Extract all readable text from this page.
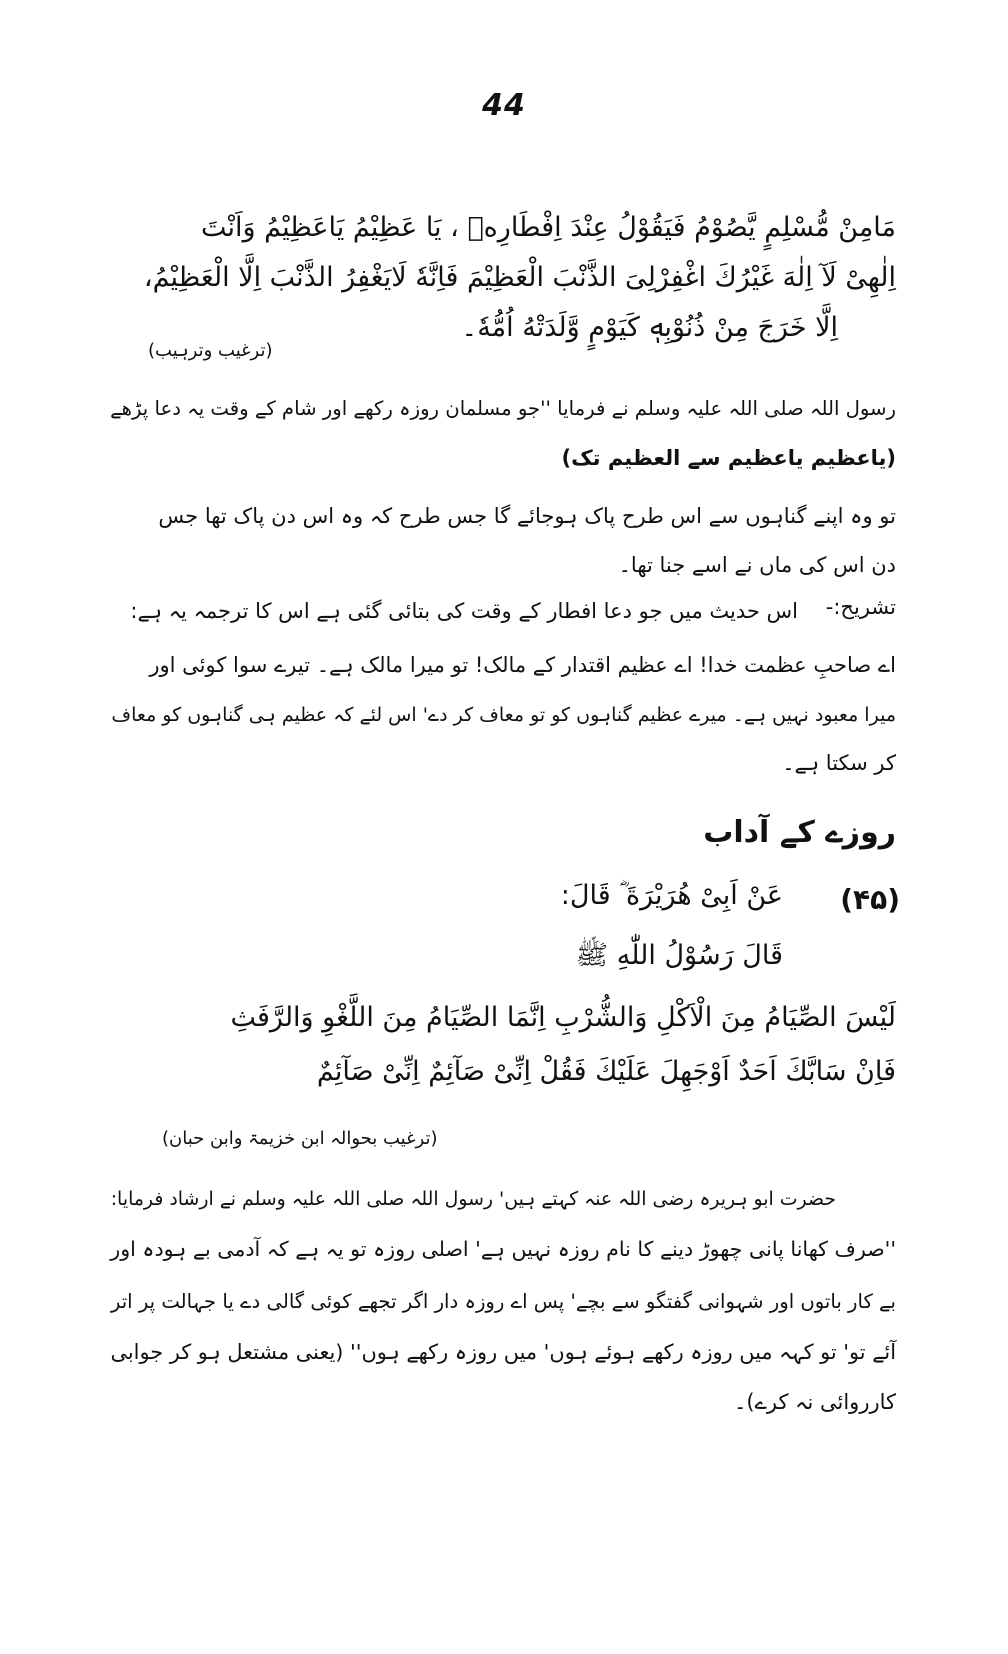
44
مَامِنْ مُّسْلِمٍ يَّصُوْمُ فَيَقُوْلُ عِنْدَ اِفْطَارِهٖ ، يَا عَظِيْمُ يَاعَظِيْمُ وَاَنْتَ
اِلٰهِىْ لَآ اِلٰهَ غَيْرُكَ اغْفِرْلِىَ الذَّنْبَ الْعَظِيْمَ فَاِنَّهٗ لَايَغْفِرُ الذَّنْبَ اِلَّا الْعَظِيْمُ،
اِلَّا خَرَجَ مِنْ ذُنُوْبِهٖ كَيَوْمٍ وَّلَدَتْهُ اُمُّهٗ۔
(ترغیب وترہیب)
رسول اللہ صلی اللہ علیہ وسلم نے فرمایا ''جو مسلمان روزہ رکھے اور شام کے وقت یہ دعا پڑھے
(یاعظیم یاعظیم سے العظیم تک)
تو وہ اپنے گناہوں سے اس طرح پاک ہوجائے گا جس طرح کہ وہ اس دن پاک تھا جس
دن اس کی ماں نے اسے جنا تھا۔
تشریح:-
اس حدیث میں جو دعا افطار کے وقت کی بتائی گئی ہے اس کا ترجمہ یہ ہے:
اے صاحبِ عظمت خدا! اے عظیم اقتدار کے مالک! تو میرا مالک ہے۔ تیرے سوا کوئی اور
میرا معبود نہیں ہے۔ میرے عظیم گناہوں کو تو معاف کر دے' اس لئے کہ عظیم ہی گناہوں کو معاف
کر سکتا ہے۔
روزے کے آداب
(۴۵)
عَنْ اَبِىْ هُرَيْرَةَ ؓ قَالَ:
قَالَ رَسُوْلُ اللّٰهِ ﷺ
لَيْسَ الصِّيَامُ مِنَ الْاَكْلِ وَالشُّرْبِ اِنَّمَا الصِّيَامُ مِنَ اللَّغْوِ وَالرَّفَثِ
فَاِنْ سَابَّكَ اَحَدٌ اَوْجَهِلَ عَلَيْكَ فَقُلْ اِنِّىْ صَآئِمٌ اِنِّىْ صَآئِمٌ
(ترغیب بحوالہ ابن خزیمۃ وابن حبان)
حضرت ابو ہریرہ رضی اللہ عنہ کہتے ہیں' رسول اللہ صلی اللہ علیہ وسلم نے ارشاد فرمایا:
''صرف کھانا پانی چھوڑ دینے کا نام روزہ نہیں ہے' اصلی روزہ تو یہ ہے کہ آدمی بے ہودہ اور
بے کار باتوں اور شہوانی گفتگو سے بچے' پس اے روزہ دار اگر تجھے کوئی گالی دے یا جہالت پر اتر
آئے تو' تو کہہ میں روزہ رکھے ہوئے ہوں' میں روزہ رکھے ہوں'' (یعنی مشتعل ہو کر جوابی
کارروائی نہ کرے)۔
